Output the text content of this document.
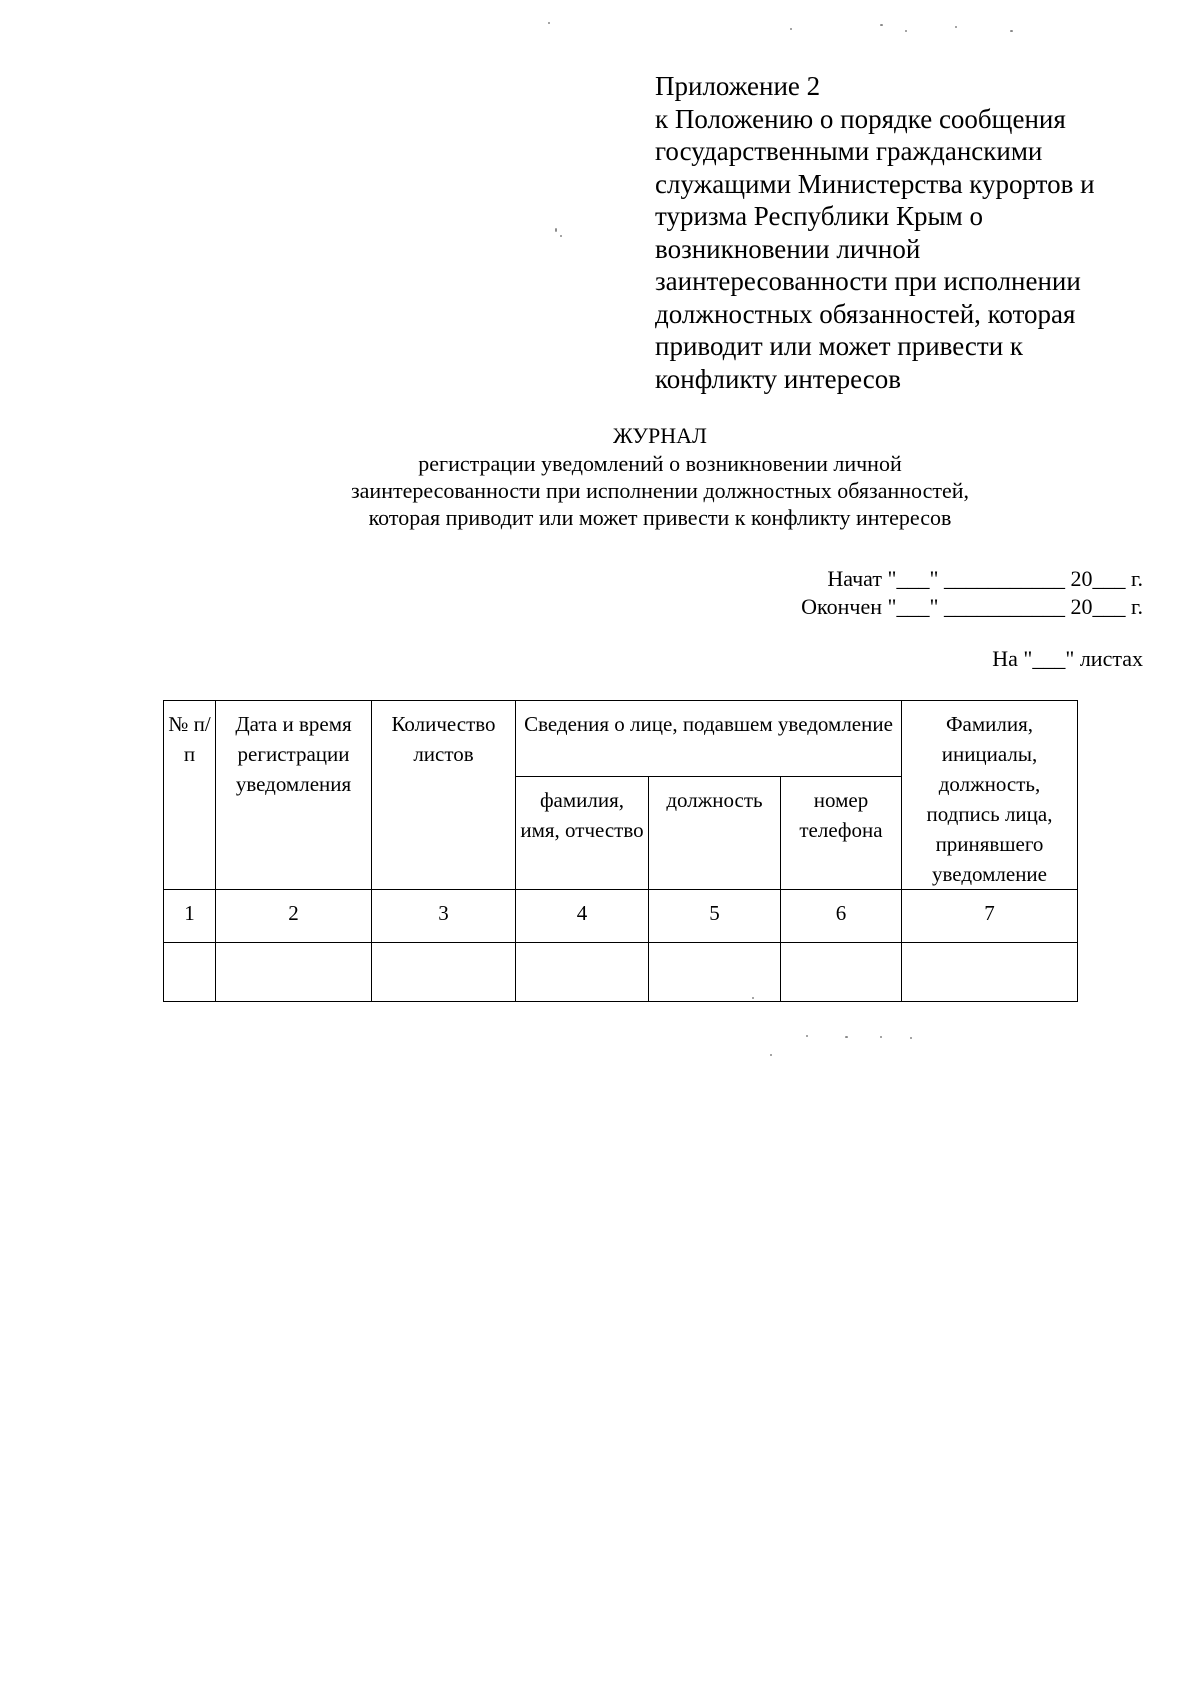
Приложение 2
к Положению о порядке сообщения
государственными гражданскими
служащими Министерства курортов и
туризма Республики Крым о
возникновении личной
заинтересованности при исполнении
должностных обязанностей, которая
приводит или может привести к
конфликту интересов
ЖУРНАЛ
регистрации уведомлений о возникновении личной
заинтересованности при исполнении должностных обязанностей,
которая приводит или может привести к конфликту интересов
Начат "___" ___________ 20___ г.
Окончен "___" ___________ 20___ г.
На "___" листах
№ п/п	Дата и время регистрации уведомления	Количество листов	Сведения о лице, подавшем уведомление			Фамилия, инициалы, должность, подпись лица, принявшего уведомление
			фамилия, имя, отчество	должность	номер телефона	
1	2	3	4	5	6	7
